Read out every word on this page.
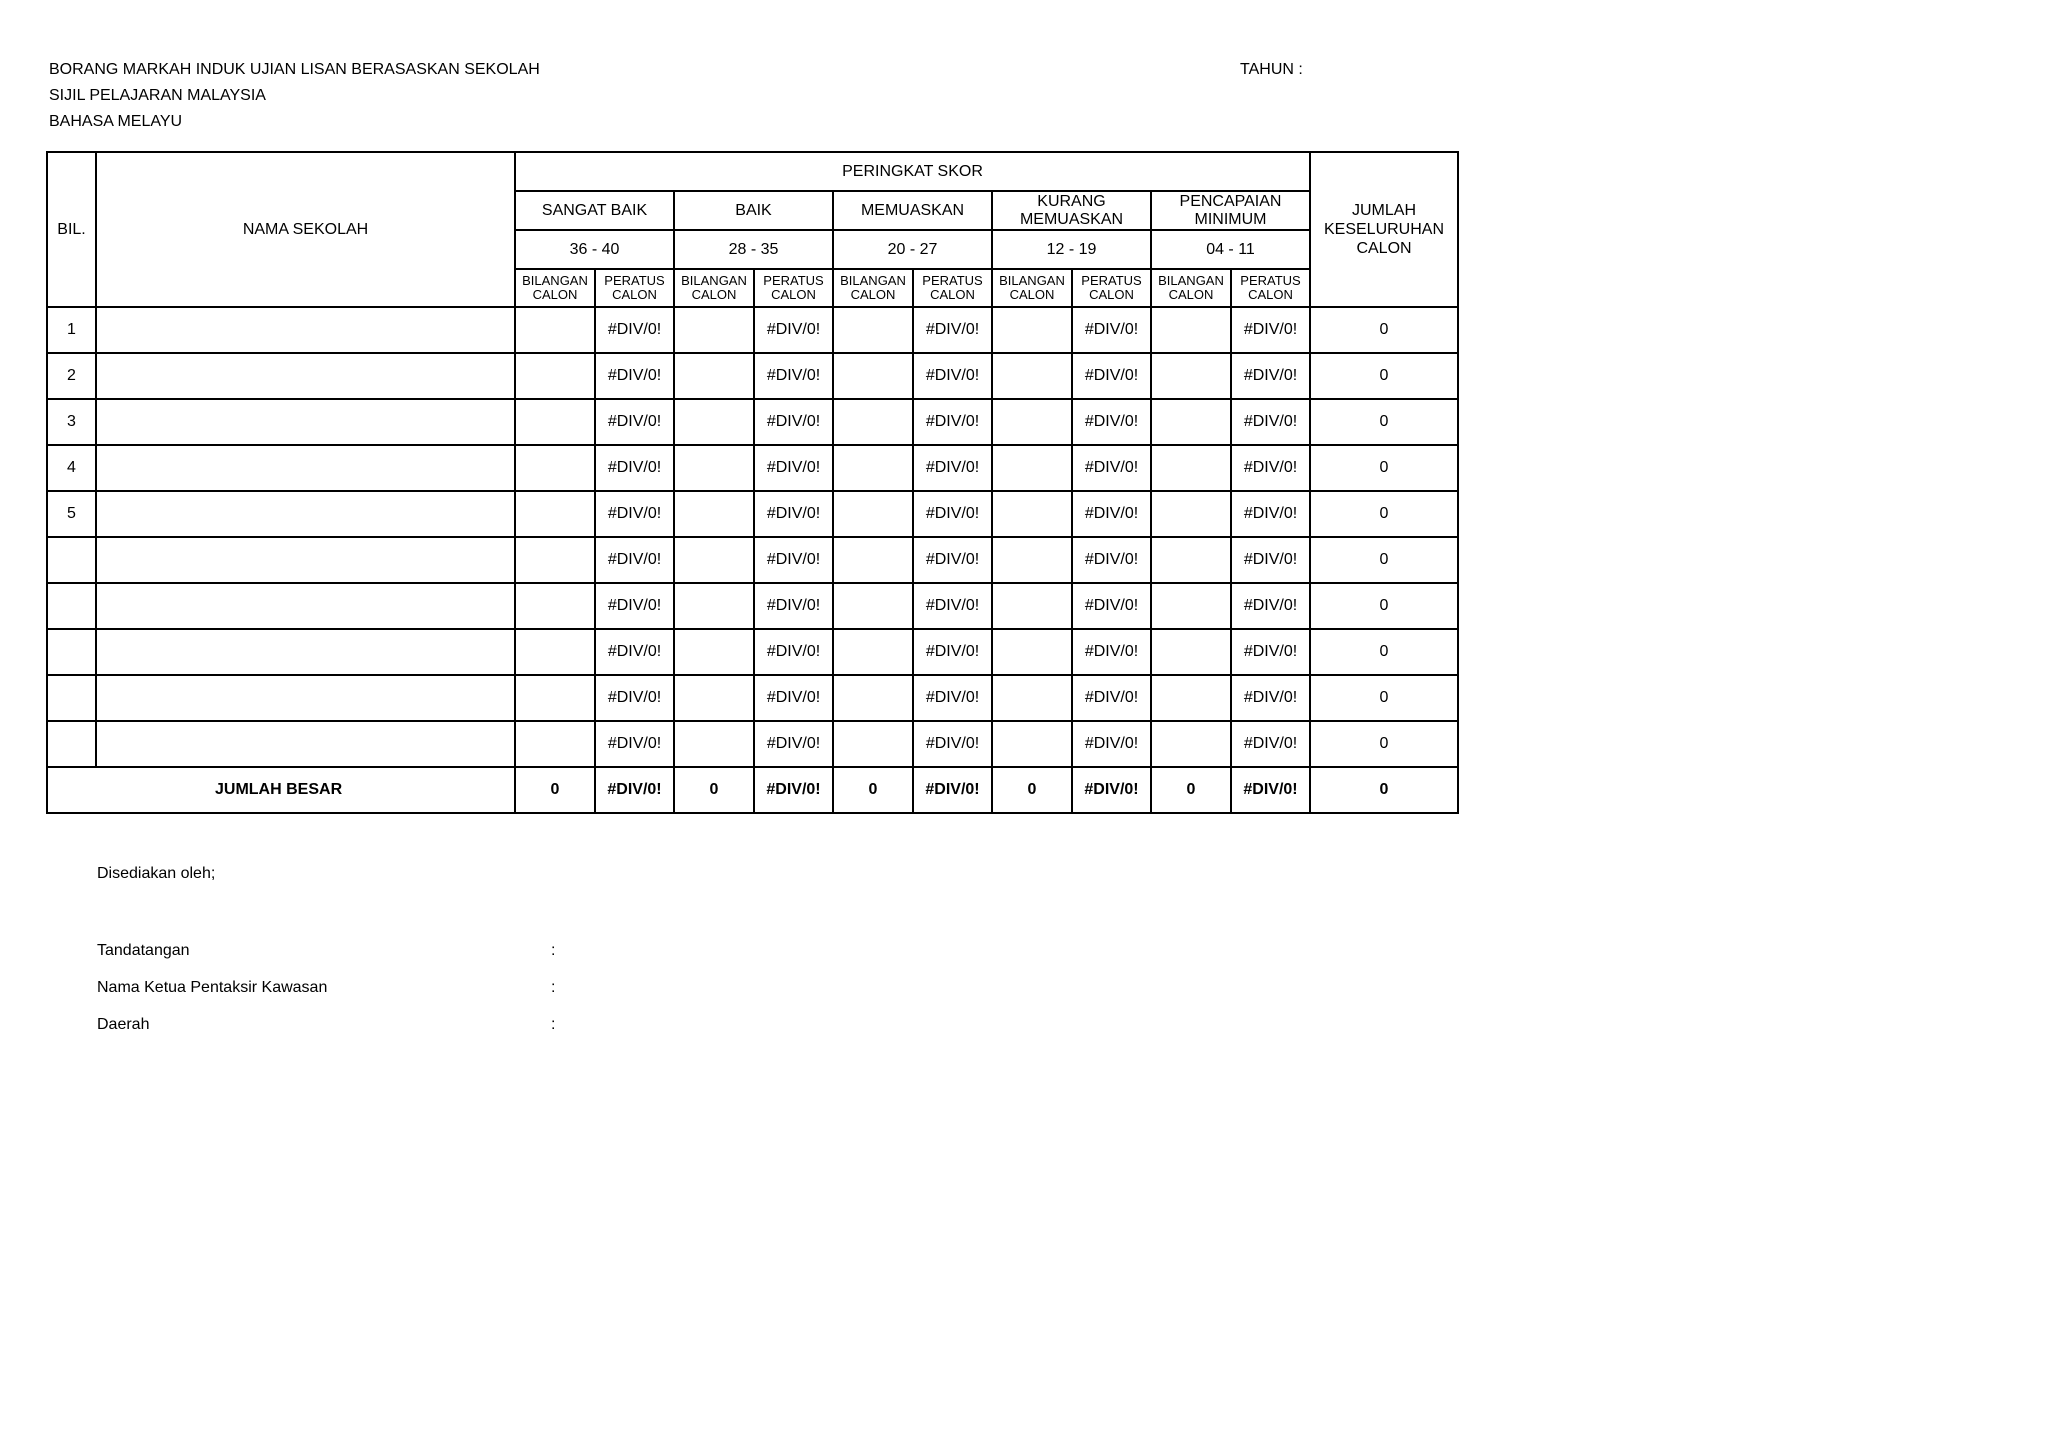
BORANG MARKAH INDUK UJIAN LISAN BERASASKAN SEKOLAH
SIJIL PELAJARAN MALAYSIA
BAHASA MELAYU
TAHUN :
BIL.	NAMA SEKOLAH	PERINGKAT SKOR										JUMLAH KESELURUHAN CALON

		SANGAT BAIK		BAIK		MEMUASKAN		KURANG MEMUASKAN		PENCAPAIAN MINIMUM		

		36 - 40		28 - 35		20 - 27		12 - 19		04 - 11		
		BILANGAN CALON	PERATUS CALON	BILANGAN CALON	PERATUS CALON	BILANGAN CALON	PERATUS CALON	BILANGAN CALON	PERATUS CALON	BILANGAN CALON	PERATUS CALON	
1			#DIV/0!		#DIV/0!		#DIV/0!		#DIV/0!		#DIV/0!	0
2			#DIV/0!		#DIV/0!		#DIV/0!		#DIV/0!		#DIV/0!	0
3			#DIV/0!		#DIV/0!		#DIV/0!		#DIV/0!		#DIV/0!	0
4			#DIV/0!		#DIV/0!		#DIV/0!		#DIV/0!		#DIV/0!	0
5			#DIV/0!		#DIV/0!		#DIV/0!		#DIV/0!		#DIV/0!	0
			#DIV/0!		#DIV/0!		#DIV/0!		#DIV/0!		#DIV/0!	0
			#DIV/0!		#DIV/0!		#DIV/0!		#DIV/0!		#DIV/0!	0
			#DIV/0!		#DIV/0!		#DIV/0!		#DIV/0!		#DIV/0!	0
			#DIV/0!		#DIV/0!		#DIV/0!		#DIV/0!		#DIV/0!	0
			#DIV/0!		#DIV/0!		#DIV/0!		#DIV/0!		#DIV/0!	0
JUMLAH BESAR		0	#DIV/0!	0	#DIV/0!	0	#DIV/0!	0	#DIV/0!	0	#DIV/0!	0
Disediakan oleh;
Tandatangan	:
Nama Ketua Pentaksir Kawasan	:
Daerah	:
